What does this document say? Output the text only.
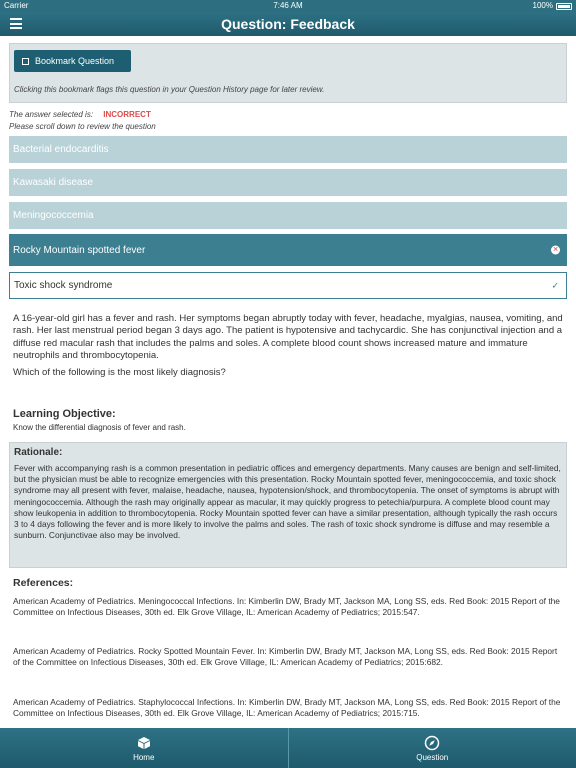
Carrier	7:46 AM	100%
Question: Feedback
Bookmark Question
Clicking this bookmark flags this question in your Question History page for later review.
The answer selected is: INCORRECT
Please scroll down to review the question
Bacterial endocarditis
Kawasaki disease
Meningococcemia
Rocky Mountain spotted fever	✕
Toxic shock syndrome	✓
A 16-year-old girl has a fever and rash. Her symptoms began abruptly today with fever, headache, myalgias, nausea, vomiting, and rash. Her last menstrual period began 3 days ago. The patient is hypotensive and tachycardic. She has conjunctival injection and a diffuse red macular rash that includes the palms and soles. A complete blood count shows increased mature and immature neutrophils and thrombocytopenia.
Which of the following is the most likely diagnosis?
Learning Objective:
Know the differential diagnosis of fever and rash.
Rationale:
Fever with accompanying rash is a common presentation in pediatric offices and emergency departments. Many causes are benign and self-limited, but the physician must be able to recognize emergencies with this presentation. Rocky Mountain spotted fever, meningococcemia, and toxic shock syndrome may all present with fever, malaise, headache, nausea, hypotension/shock, and thrombocytopenia. The onset of symptoms is abrupt with meningococcemia. Although the rash may originally appear as macular, it may quickly progress to petechia/purpura. A complete blood count may show leukopenia in addition to thrombocytopenia. Rocky Mountain spotted fever can have a similar presentation, although typically the rash occurs 3 to 4 days following the fever and is more likely to involve the palms and soles. The rash of toxic shock syndrome is diffuse and may resemble a sunburn. Conjunctivae also may be involved.
References:
American Academy of Pediatrics. Meningococcal Infections. In: Kimberlin DW, Brady MT, Jackson MA, Long SS, eds. Red Book: 2015 Report of the Committee on Infectious Diseases, 30th ed. Elk Grove Village, IL: American Academy of Pediatrics; 2015:547.
American Academy of Pediatrics. Rocky Spotted Mountain Fever. In: Kimberlin DW, Brady MT, Jackson MA, Long SS, eds. Red Book: 2015 Report of the Committee on Infectious Diseases, 30th ed. Elk Grove Village, IL: American Academy of Pediatrics; 2015:682.
American Academy of Pediatrics. Staphylococcal Infections. In: Kimberlin DW, Brady MT, Jackson MA, Long SS, eds. Red Book: 2015 Report of the Committee on Infectious Diseases, 30th ed. Elk Grove Village, IL: American Academy of Pediatrics; 2015:715.
Home	Question
